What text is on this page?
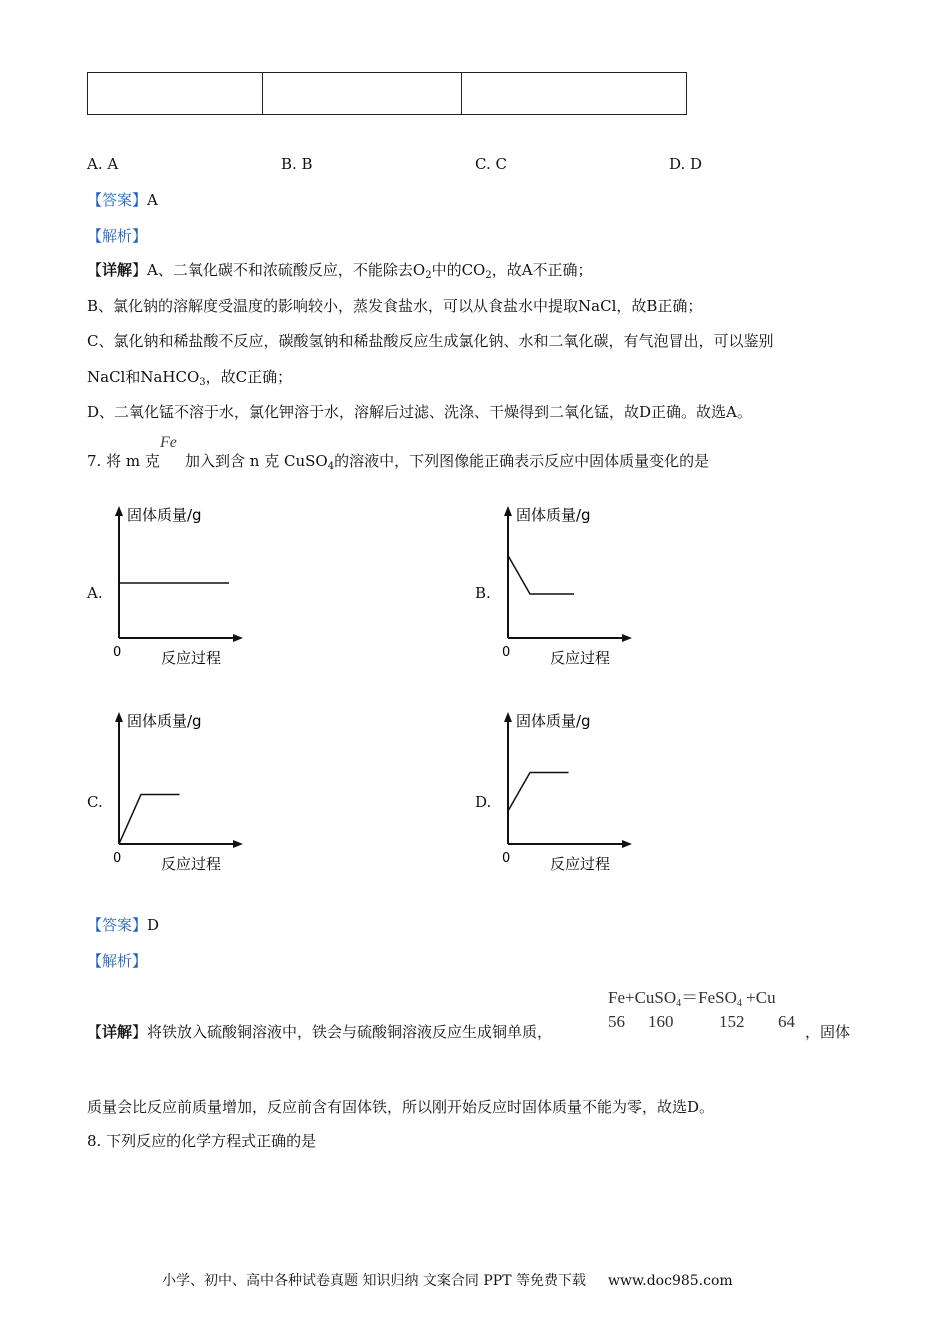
A. A	B. B	C. C	D. D
【答案】A
【解析】
【详解】A、二氧化碳不和浓硫酸反应，不能除去$O_2$中的$CO_2$，故A不正确；
B、氯化钠的溶解度受温度的影响较小，蒸发食盐水，可以从食盐水中提取NaCl，故B正确；
C、氯化钠和稀盐酸不反应，碳酸氢钠和稀盐酸反应生成氯化钠、水和二氧化碳，有气泡冒出，可以鉴别
NaCl和NaHCO$_3$，故C正确；
D、二氧化锰不溶于水，氯化钾溶于水，溶解后过滤、洗涤、干燥得到二氧化锰，故D正确。故选A。
7. 将 m 克
Fe
加入到含 n 克 CuSO$_4$的溶液中，下列图像能正确表示反应中固体质量变化的是
A.	B.
C.	D.
固体质量/g
反应过程
0
固体质量/g
反应过程
0
固体质量/g
反应过程
0
固体质量/g
反应过程
0
【答案】D
【解析】
Fe+CuSO$_4$＝FeSO$_4$ +Cu
56 160	152 64
【详解】将铁放入硫酸铜溶液中，铁会与硫酸铜溶液反应生成铜单质，	，固体
质量会比反应前质量增加，反应前含有固体铁，所以刚开始反应时固体质量不能为零，故选D。
8. 下列反应的化学方程式正确的是
小学、初中、高中各种试卷真题 知识归纳 文案合同 PPT 等免费下载 www.doc985.com
